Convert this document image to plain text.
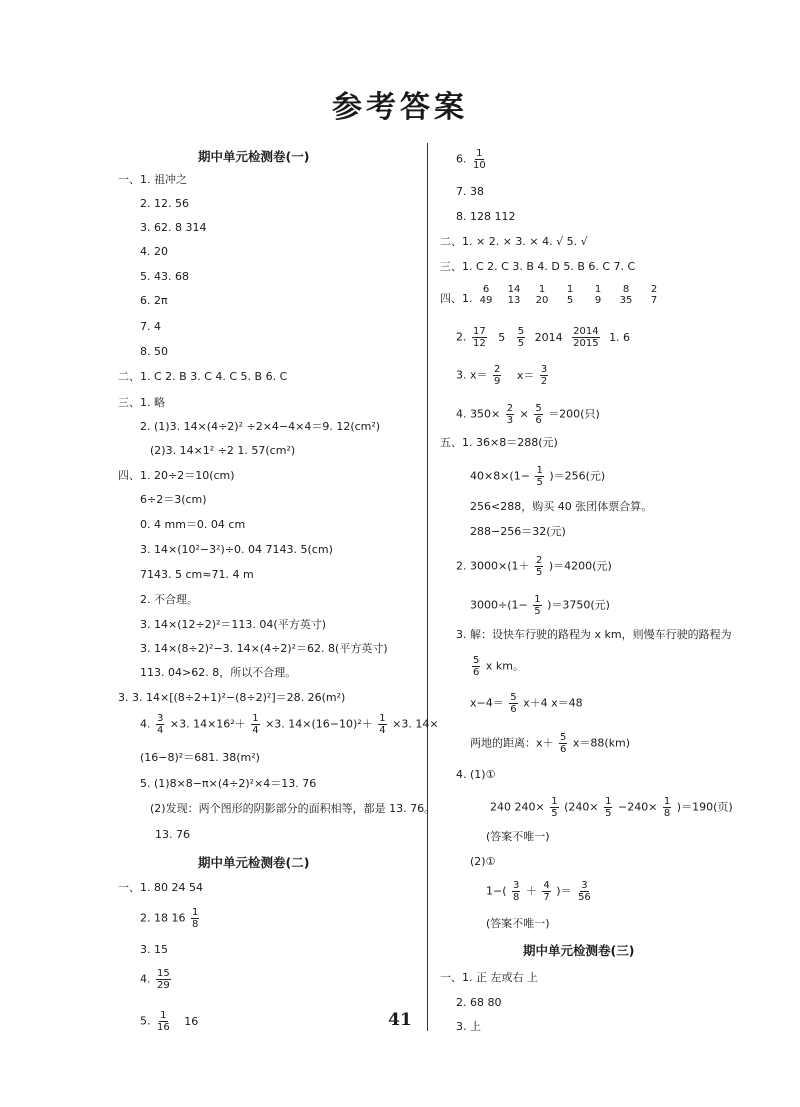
参考答案
期中单元检测卷(一)
一、1. 祖冲之
2. 12. 56
3. 62. 8 314
4. 20
5. 43. 68
6. 2π
7. 4
8. 50
二、1. C 2. B 3. C 4. C 5. B 6. C
三、1. 略
2. (1)3. 14×(4÷2)² ÷2×4−4×4＝9. 12(cm²)
(2)3. 14×1² ÷2 1. 57(cm²)
四、1. 20÷2＝10(cm)
6÷2＝3(cm)
0. 4 mm＝0. 04 cm
3. 14×(10²−3²)÷0. 04 7143. 5(cm)
7143. 5 cm≈71. 4 m
2. 不合理。
3. 14×(12÷2)²＝113. 04(平方英寸)
3. 14×(8÷2)²−3. 14×(4÷2)²＝62. 8(平方英寸)
113. 04>62. 8，所以不合理。
3. 3. 14×[(8÷2+1)²−(8÷2)²]＝28. 26(m²)
4. $\frac{3}{4} \times 3$. $14\times 16^2+ \frac{1}{4} \times 3$. $14\times(16-10)^2+ \frac{1}{4} \times 3$. 14×
(16−8)²＝681. 38(m²)
5. (1)8×8−π×(4÷2)²×4＝13. 76
(2)发现：两个图形的阴影部分的面积相等，都是 13. 76。
13. 76
期中单元检测卷(二)
一、1. 80 24 54
2. 18 $16 \frac{1}{8}$
3. 15
4. $\frac{15}{29}$
5. $\frac{1}{16} 16$
6. $\frac{1}{10}$
7. 38
8. 128 112
二、1. × 2. × 3. × 4. √ 5. √
三、1. C 2. C 3. B 4. D 5. B 6. C 7. C
四、1.
6
49
14
13
1
20
1
5
1
9
8
35
2
7
2. $\frac{17}{12} 5 \frac{5}{5} 2014 \frac{2014}{2015} 1$. 6
3. $x= \frac{2}{9} x= \frac{3}{2}$
4. $350\times \frac{2}{3} \times \frac{5}{6} =200$(只)
五、1. 36×8＝288(元)
$40\times 8\times(1- \frac{1}{5} )=256$(元)
256<288，购买 40 张团体票合算。
288−256＝32(元)
2. $3000\times(1+ \frac{2}{5} )=4200$(元)
$3000\div(1- \frac{1}{5} )=3750$(元)
3. 解：设快车行驶的路程为 x km，则慢车行驶的路程为
$\frac{5}{6}$ x km。
$x-4= \frac{5}{6} x+4$ x＝48
两地的距离：$x+ \frac{5}{6} x=88(km)$
4. (1)①
240 $240\times \frac{1}{5} (240\times \frac{1}{5} -240\times \frac{1}{8} )=190$(页)
(答案不唯一)
(2)①
$1-( \frac{3}{8} + \frac{4}{7}$ )＝ $\frac{3}{56}$
(答案不唯一)
期中单元检测卷(三)
一、1. 正 左或右 上
2. 68 80
3. 上
41
